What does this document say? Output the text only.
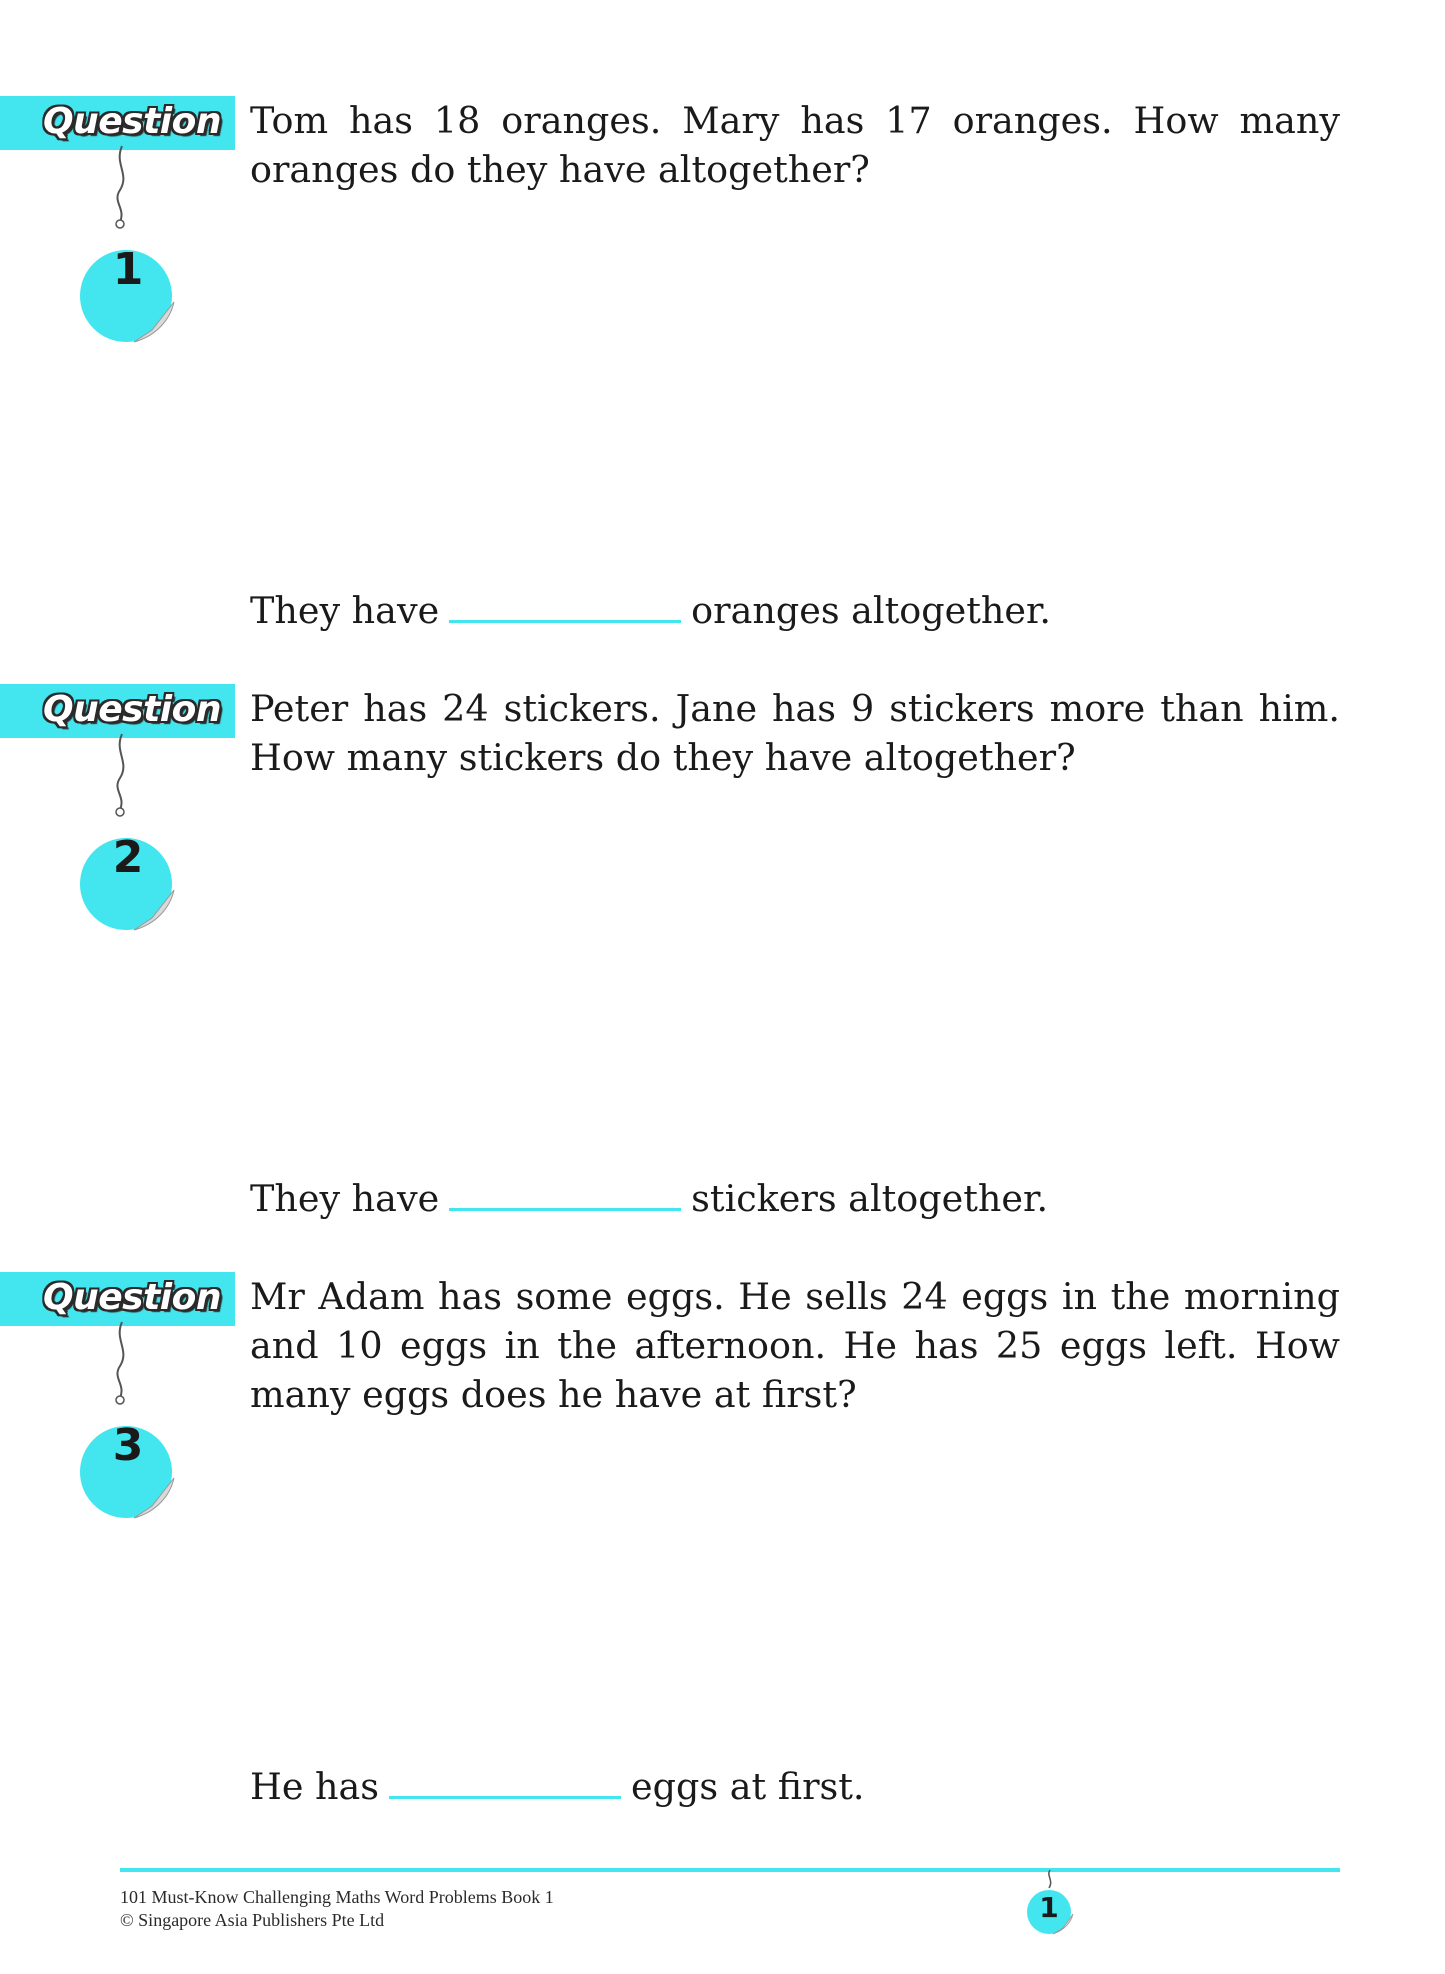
Question
1
Tom has 18 oranges. Mary has 17 oranges. How many oranges do they have altogether?
They have	oranges altogether.
Question
2
Peter has 24 stickers. Jane has 9 stickers more than him. How many stickers do they have altogether?
They have	stickers altogether.
Question
3
Mr Adam has some eggs. He sells 24 eggs in the morning and 10 eggs in the afternoon. He has 25 eggs left. How many eggs does he have at first?
He has	eggs at first.
101 Must-Know Challenging Maths Word Problems Book 1
© Singapore Asia Publishers Pte Ltd	1
